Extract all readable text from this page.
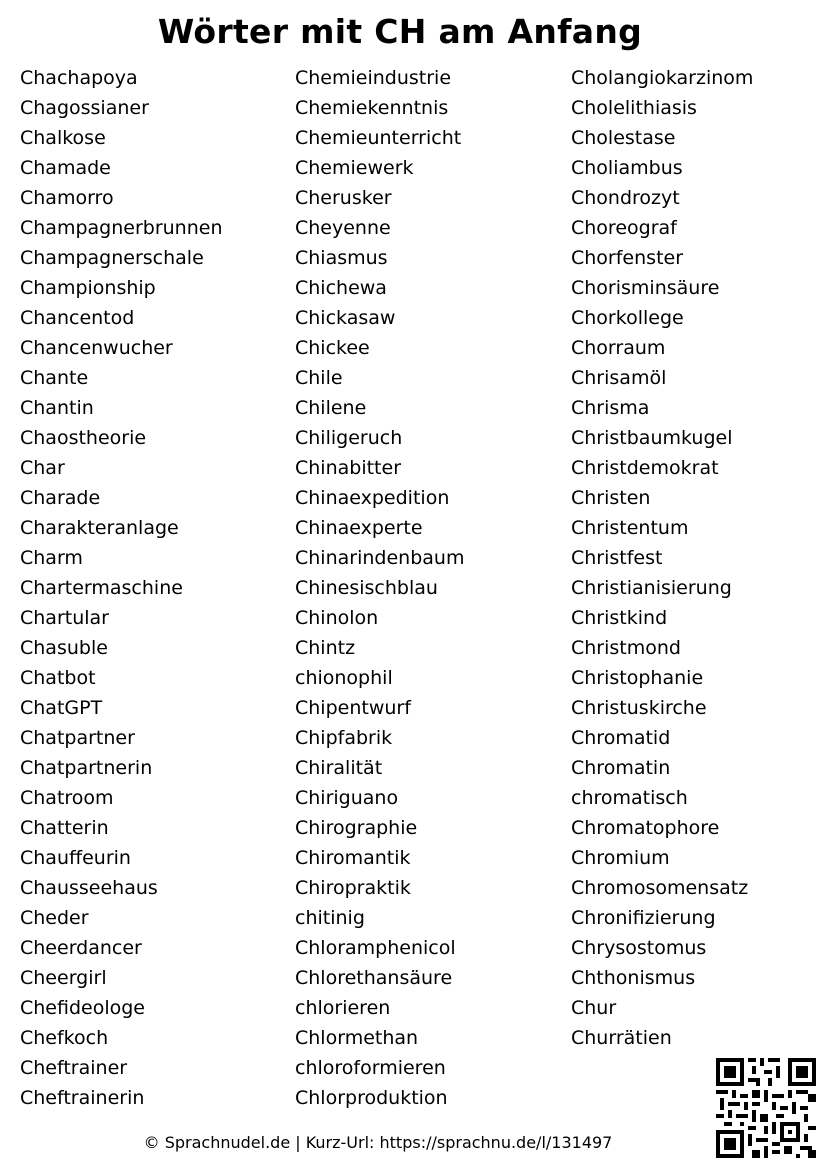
Wörter mit CH am Anfang
Chachapoya
Chagossianer
Chalkose
Chamade
Chamorro
Champagnerbrunnen
Champagnerschale
Championship
Chancentod
Chancenwucher
Chante
Chantin
Chaostheorie
Char
Charade
Charakteranlage
Charm
Chartermaschine
Chartular
Chasuble
Chatbot
ChatGPT
Chatpartner
Chatpartnerin
Chatroom
Chatterin
Chauffeurin
Chausseehaus
Cheder
Cheerdancer
Cheergirl
Chefideologe
Chefkoch
Cheftrainer
Cheftrainerin
Chemieindustrie
Chemiekenntnis
Chemieunterricht
Chemiewerk
Cherusker
Cheyenne
Chiasmus
Chichewa
Chickasaw
Chickee
Chile
Chilene
Chiligeruch
Chinabitter
Chinaexpedition
Chinaexperte
Chinarindenbaum
Chinesischblau
Chinolon
Chintz
chionophil
Chipentwurf
Chipfabrik
Chiralität
Chiriguano
Chirographie
Chiromantik
Chiropraktik
chitinig
Chloramphenicol
Chlorethansäure
chlorieren
Chlormethan
chloroformieren
Chlorproduktion
Cholangiokarzinom
Cholelithiasis
Cholestase
Choliambus
Chondrozyt
Choreograf
Chorfenster
Chorisminsäure
Chorkollege
Chorraum
Chrisamöl
Chrisma
Christbaumkugel
Christdemokrat
Christen
Christentum
Christfest
Christianisierung
Christkind
Christmond
Christophanie
Christuskirche
Chromatid
Chromatin
chromatisch
Chromatophore
Chromium
Chromosomensatz
Chronifizierung
Chrysostomus
Chthonismus
Chur
Churrätien
© Sprachnudel.de | Kurz-Url: https://sprachnu.de/l/131497
